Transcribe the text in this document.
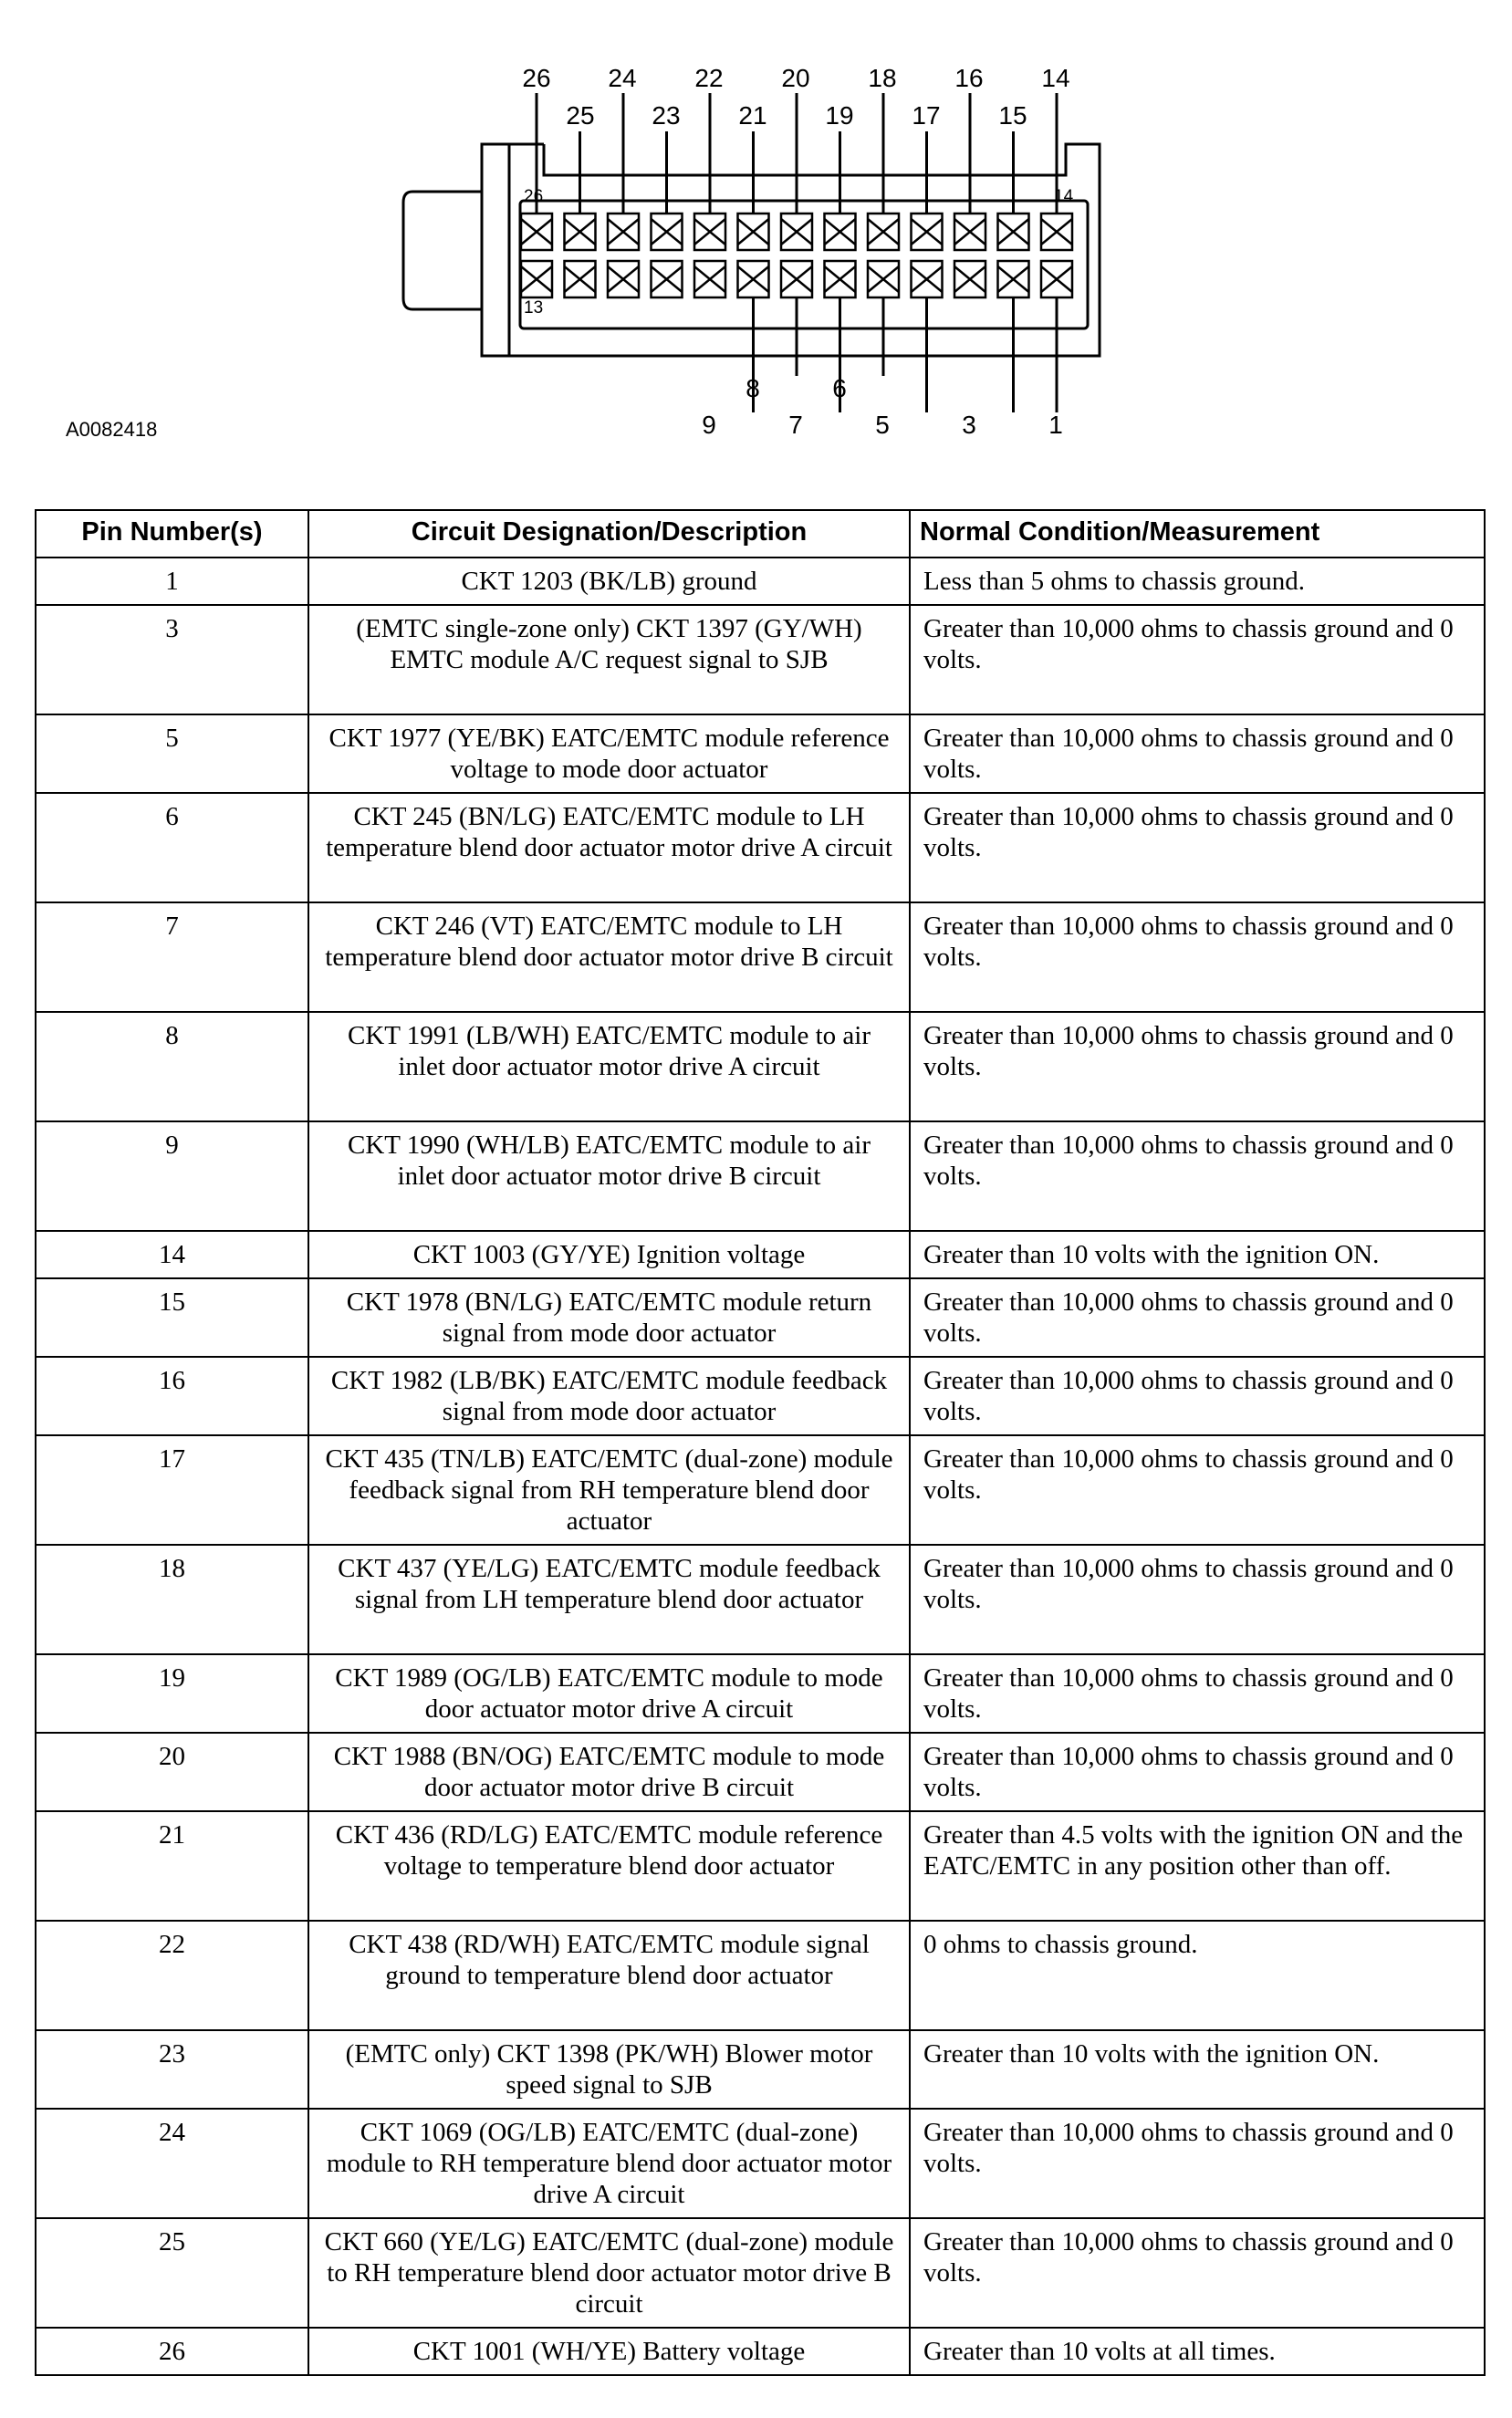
26	14
13
26 24 22 20 18 16 14
25 23 21 19 17 15
8	6
9	7	5	3	1
A0082418
Pin Number(s)	Circuit Designation/Description	Normal Condition/Measurement
1	CKT 1203 (BK/LB) ground	Less than 5 ohms to chassis ground.
3	(EMTC single-zone only) CKT 1397 (GY/WH) EMTC module A/C request signal to SJB	Greater than 10,000 ohms to chassis ground and 0 volts.
5	CKT 1977 (YE/BK) EATC/EMTC module reference voltage to mode door actuator	Greater than 10,000 ohms to chassis ground and 0 volts.
6	CKT 245 (BN/LG) EATC/EMTC module to LH temperature blend door actuator motor drive A circuit	Greater than 10,000 ohms to chassis ground and 0 volts.
7	CKT 246 (VT) EATC/EMTC module to LH temperature blend door actuator motor drive B circuit	Greater than 10,000 ohms to chassis ground and 0 volts.
8	CKT 1991 (LB/WH) EATC/EMTC module to air inlet door actuator motor drive A circuit	Greater than 10,000 ohms to chassis ground and 0 volts.
9	CKT 1990 (WH/LB) EATC/EMTC module to air inlet door actuator motor drive B circuit	Greater than 10,000 ohms to chassis ground and 0 volts.
14	CKT 1003 (GY/YE) Ignition voltage	Greater than 10 volts with the ignition ON.
15	CKT 1978 (BN/LG) EATC/EMTC module return signal from mode door actuator	Greater than 10,000 ohms to chassis ground and 0 volts.
16	CKT 1982 (LB/BK) EATC/EMTC module feedback signal from mode door actuator	Greater than 10,000 ohms to chassis ground and 0 volts.
17	CKT 435 (TN/LB) EATC/EMTC (dual-zone) module feedback signal from RH temperature blend door actuator	Greater than 10,000 ohms to chassis ground and 0 volts.
18	CKT 437 (YE/LG) EATC/EMTC module feedback signal from LH temperature blend door actuator	Greater than 10,000 ohms to chassis ground and 0 volts.
19	CKT 1989 (OG/LB) EATC/EMTC module to mode door actuator motor drive A circuit	Greater than 10,000 ohms to chassis ground and 0 volts.
20	CKT 1988 (BN/OG) EATC/EMTC module to mode door actuator motor drive B circuit	Greater than 10,000 ohms to chassis ground and 0 volts.
21	CKT 436 (RD/LG) EATC/EMTC module reference voltage to temperature blend door actuator	Greater than 4.5 volts with the ignition ON and the EATC/EMTC in any position other than off.
22	CKT 438 (RD/WH) EATC/EMTC module signal ground to temperature blend door actuator	0 ohms to chassis ground.
23	(EMTC only) CKT 1398 (PK/WH) Blower motor speed signal to SJB	Greater than 10 volts with the ignition ON.
24	CKT 1069 (OG/LB) EATC/EMTC (dual-zone) module to RH temperature blend door actuator motor drive A circuit	Greater than 10,000 ohms to chassis ground and 0 volts.
25	CKT 660 (YE/LG) EATC/EMTC (dual-zone) module to RH temperature blend door actuator motor drive B circuit	Greater than 10,000 ohms to chassis ground and 0 volts.
26	CKT 1001 (WH/YE) Battery voltage	Greater than 10 volts at all times.
